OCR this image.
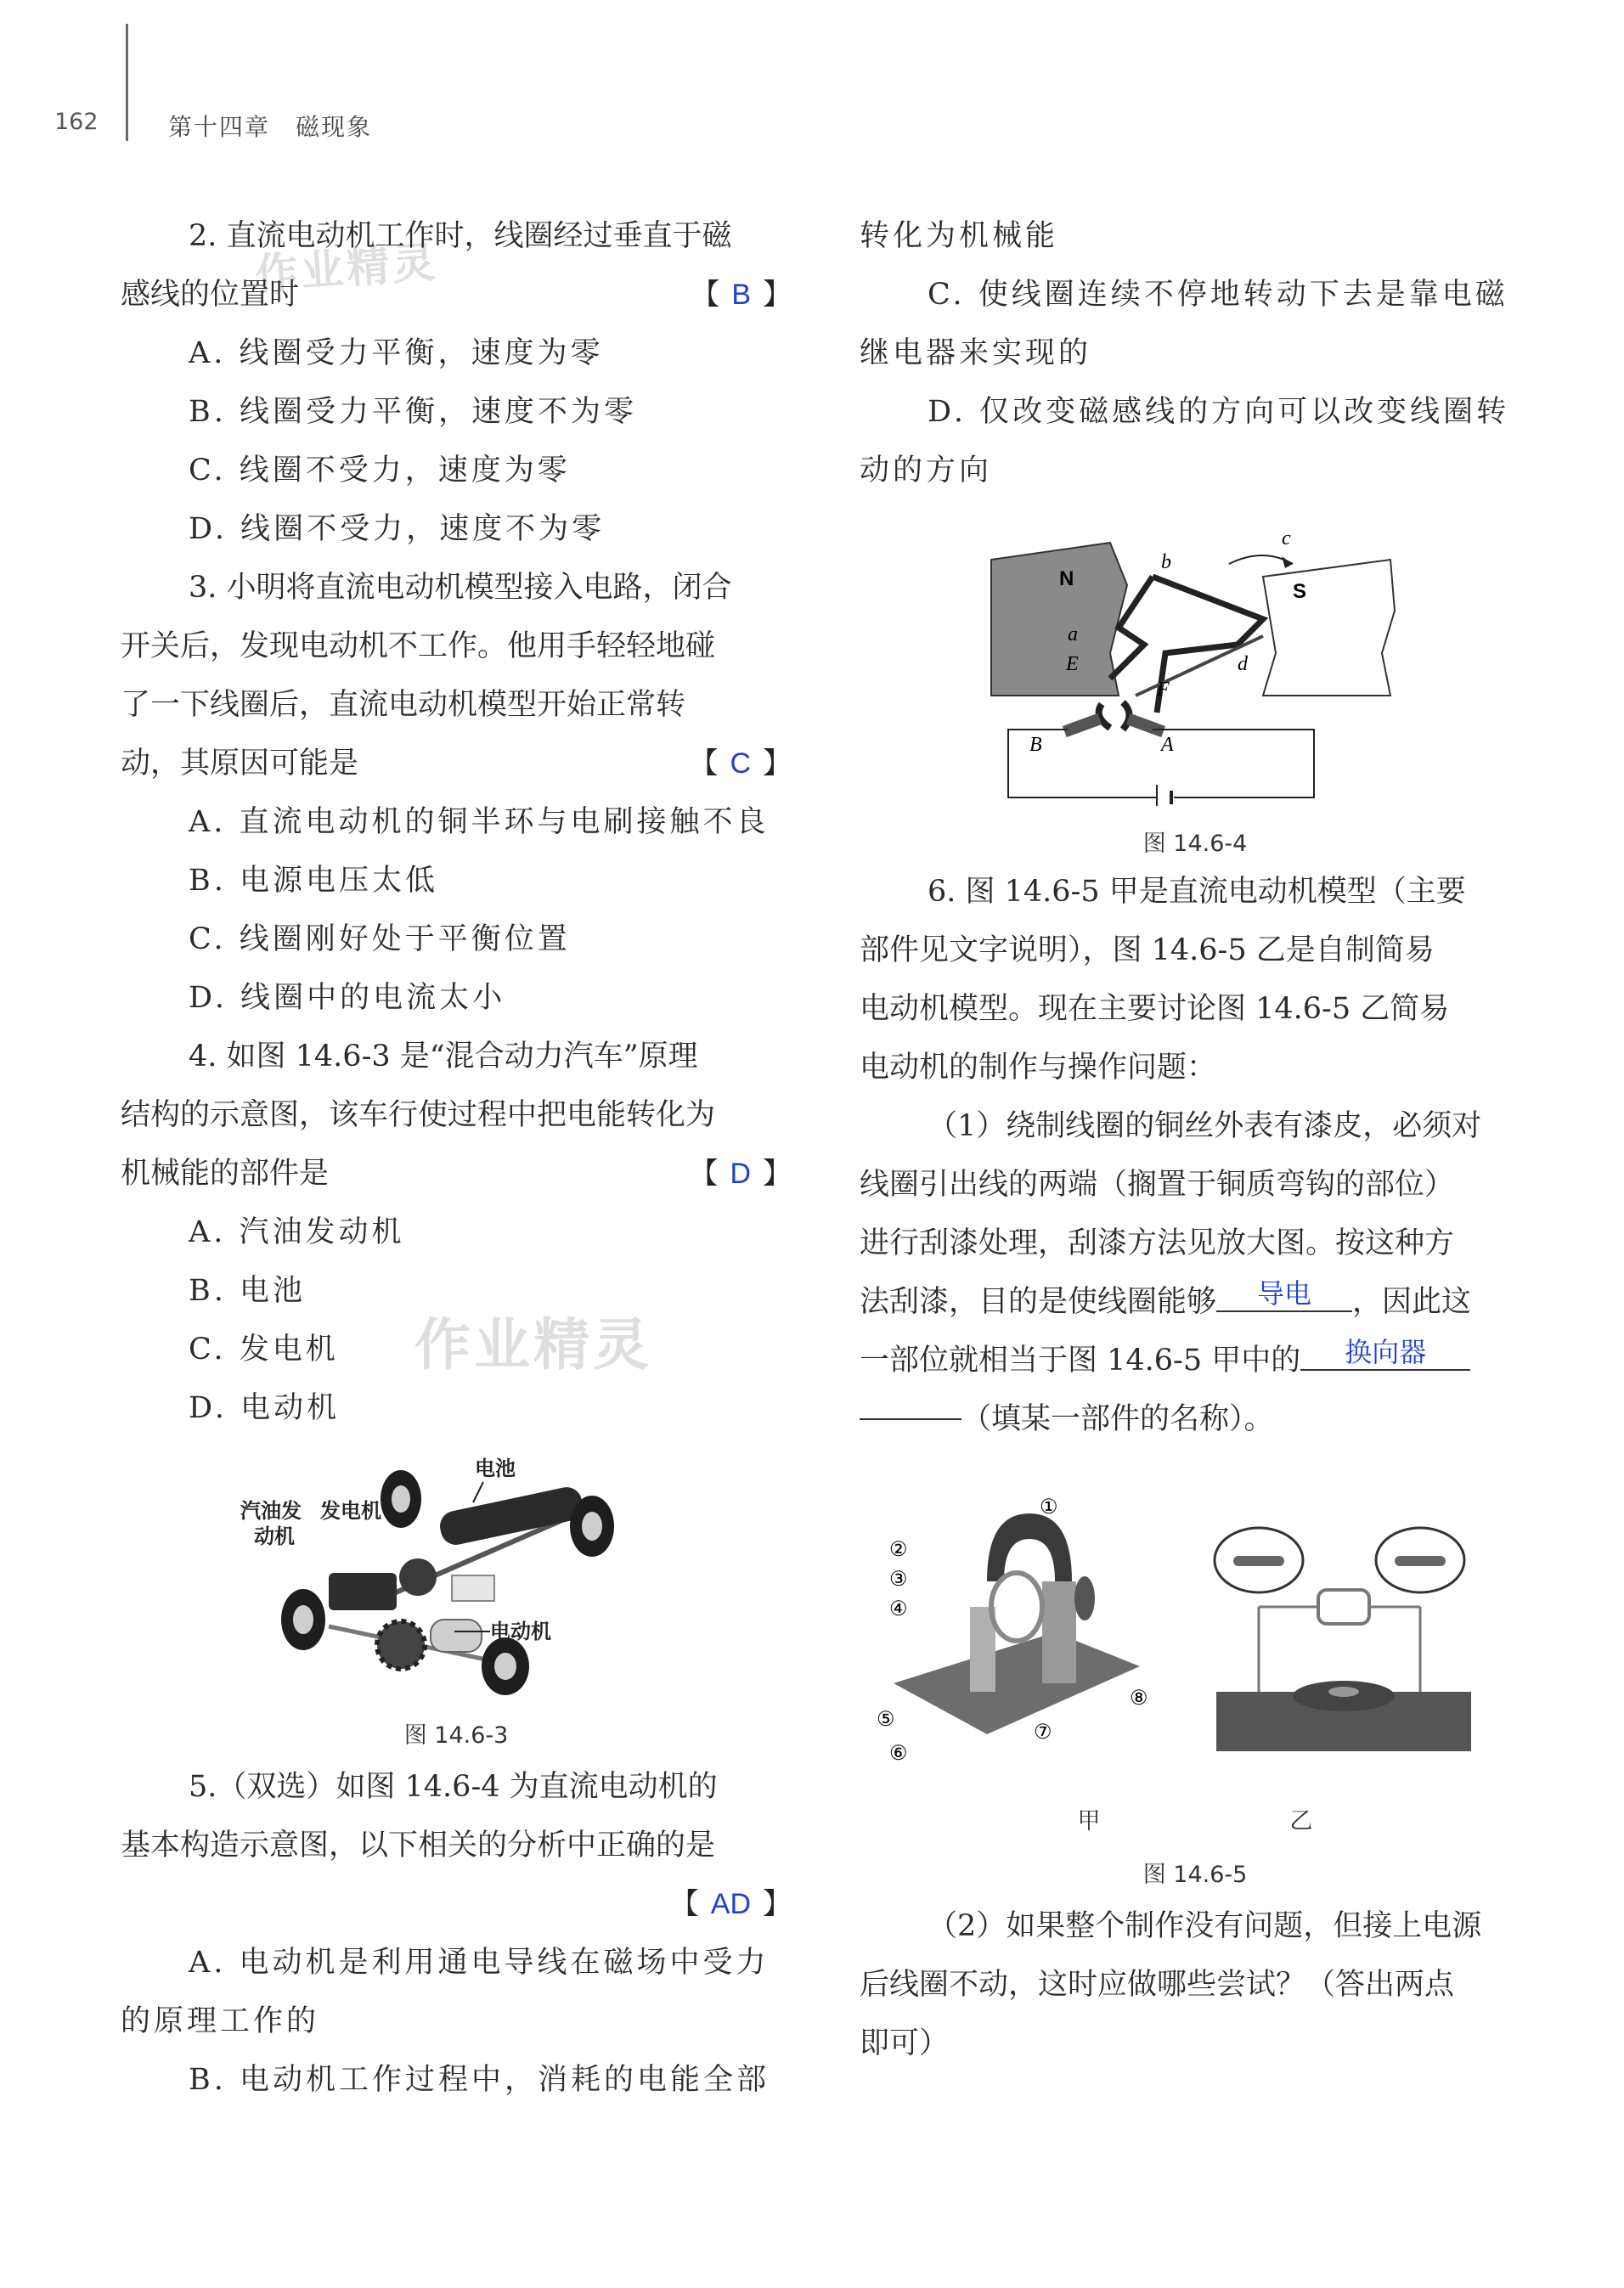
162	第十四章　磁现象
作业精灵
作业精灵

2. 直流电动机工作时，线圈经过垂直于磁

感线的位置时	【 B 】

A. 线圈受力平衡，速度为零

B. 线圈受力平衡，速度不为零

C. 线圈不受力，速度为零

D. 线圈不受力，速度不为零

3. 小明将直流电动机模型接入电路，闭合

开关后，发现电动机不工作。他用手轻轻地碰

了一下线圈后，直流电动机模型开始正常转

动，其原因可能是	【 C 】

A. 直流电动机的铜半环与电刷接触不良

B. 电源电压太低

C. 线圈刚好处于平衡位置

D. 线圈中的电流太小

4. 如图 14.6-3 是“混合动力汽车”原理

结构的示意图，该车行使过程中把电能转化为

机械能的部件是	【 D 】

A. 汽油发动机

B. 电池

C. 发电机

D. 电动机

电池
汽油发
动机
发电机
电动机
图 14.6-3

5.（双选）如图 14.6-4 为直流电动机的

基本构造示意图，以下相关的分析中正确的是

【 AD 】

A. 电动机是利用通电导线在磁场中受力

的原理工作的

B. 电动机工作过程中，消耗的电能全部

转化为机械能

C. 使线圈连续不停地转动下去是靠电磁

继电器来实现的

D. 仅改变磁感线的方向可以改变线圈转

动的方向

N
S
b
c
d
a
E
F
B	A
图 14.6-4

6. 图 14.6-5 甲是直流电动机模型（主要

部件见文字说明），图 14.6-5 乙是自制简易

电动机模型。现在主要讨论图 14.6-5 乙简易

电动机的制作与操作问题：

（1）绕制线圈的铜丝外表有漆皮，必须对

线圈引出线的两端（搁置于铜质弯钩的部位）

进行刮漆处理，刮漆方法见放大图。按这种方

法刮漆，目的是使线圈能够 导电 ，因此这

一部位就相当于图 14.6-5 甲中的 换向器

（填某一部件的名称）。

①
②
③
④
⑤
⑥
⑦
⑧
甲	乙
图 14.6-5

（2）如果整个制作没有问题，但接上电源

后线圈不动，这时应做哪些尝试？（答出两点

即可）
